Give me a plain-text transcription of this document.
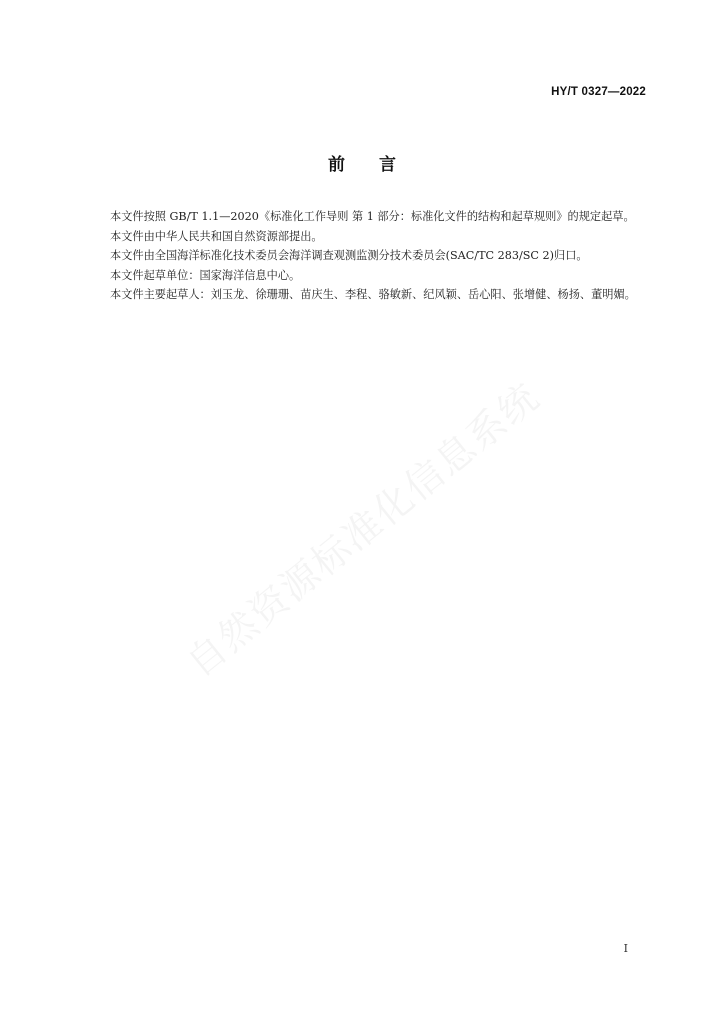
HY/T 0327—2022
前 言

本文件按照 GB/T 1.1—2020《标准化工作导则 第 1 部分：标准化文件的结构和起草规则》的规定起草。

本文件由中华人民共和国自然资源部提出。

本文件由全国海洋标准化技术委员会海洋调查观测监测分技术委员会(SAC/TC 283/SC 2)归口。

本文件起草单位：国家海洋信息中心。

本文件主要起草人：刘玉龙、徐珊珊、苗庆生、李程、骆敏新、纪风颖、岳心阳、张增健、杨扬、董明媚。

自然资源标准化信息系统
I
